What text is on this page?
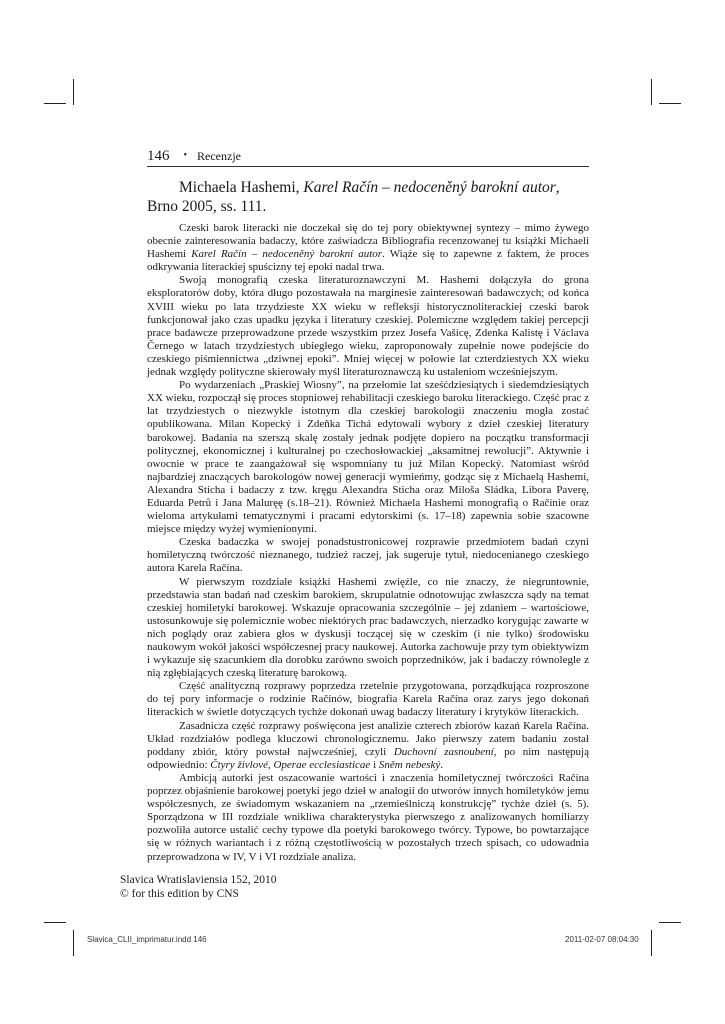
146 • Recenzje
Michaela Hashemi, Karel Račín – nedoceněný barokní autor, Brno 2005, ss. 111.

Czeski barok literacki nie doczekał się do tej pory obiektywnej syntezy – mimo żywego obecnie zainteresowania badaczy, które zaświadcza Bibliografia recenzowanej tu książki Michaeli Hashemi Karel Račín – nedoceněný barokní autor. Wiąże się to zapewne z faktem, że proces odkrywania literackiej spuścizny tej epoki nadal trwa.

Swoją monografią czeska literaturoznawczyni M. Hashemi dołączyła do grona eksploratorów doby, która długo pozostawała na marginesie zainteresowań badawczych; od końca XVIII wieku po lata trzydzieste XX wieku w refleksji historycznoliterackiej czeski barok funkcjonował jako czas upadku języka i literatury czeskiej. Polemiczne względem takiej percepcji prace badawcze przeprowadzone przede wszystkim przez Josefa Vašicę, Zdenka Kalistę i Václava Černego w latach trzydziestych ubiegłego wieku, zaproponowały zupełnie nowe podejście do czeskiego piśmiennictwa „dziwnej epoki”. Mniej więcej w połowie lat czterdziestych XX wieku jednak względy polityczne skierowały myśl literaturoznawczą ku ustaleniom wcześniejszym.

Po wydarzeniach „Praskiej Wiosny”, na przełomie lat sześćdziesiątych i siedemdziesiątych XX wieku, rozpoczął się proces stopniowej rehabilitacji czeskiego baroku literackiego. Część prac z lat trzydziestych o niezwykle istotnym dla czeskiej barokologii znaczeniu mogła zostać opublikowana. Milan Kopecký i Zdeňka Tichá edytowali wybory z dzieł czeskiej literatury barokowej. Badania na szerszą skalę zostały jednak podjęte dopiero na początku transformacji politycznej, ekonomicznej i kulturalnej po czechosłowackiej „aksamitnej rewolucji”. Aktywnie i owocnie w prace te zaangażował się wspomniany tu już Milan Kopecký. Natomiast wśród najbardziej znaczących barokologów nowej generacji wymieńmy, godząc się z Michaelą Hashemi, Alexandra Sticha i badaczy z tzw. kręgu Alexandra Sticha oraz Miloša Sládka, Libora Paverę, Eduarda Petrů i Jana Maluręę (s.18–21). Również Michaela Hashemi monografią o Račínie oraz wieloma artykułami tematycznymi i pracami edytorskimi (s. 17–18) zapewnia sobie szacowne miejsce między wyżej wymienionymi.

Czeska badaczka w swojej ponadstustronicowej rozprawie przedmiotem badań czyni homiletyczną twórczość nieznanego, tudzież raczej, jak sugeruje tytuł, niedocenianego czeskiego autora Karela Račína.

W pierwszym rozdziale książki Hashemi zwięźle, co nie znaczy, że niegruntownie, przedstawia stan badań nad czeskim barokiem, skrupulatnie odnotowując zwłaszcza sądy na temat czeskiej homiletyki barokowej. Wskazuje opracowania szczególnie – jej zdaniem – wartościowe, ustosunkowuje się polemicznie wobec niektórych prac badawczych, nierzadko korygując zawarte w nich poglądy oraz zabiera głos w dyskusji toczącej się w czeskim (i nie tylko) środowisku naukowym wokół jakości współczesnej pracy naukowej. Autorka zachowuje przy tym obiektywizm i wykazuje się szacunkiem dla dorobku zarówno swoich poprzedników, jak i badaczy równolegle z nią zgłębiających czeską literaturę barokową.

Część analityczną rozprawy poprzedza rzetelnie przygotowana, porządkująca rozproszone do tej pory informacje o rodzinie Račínów, biografia Karela Račína oraz zarys jego dokonań literackich w świetle dotyczących tychże dokonań uwag badaczy literatury i krytyków literackich.

Zasadnicza część rozprawy poświęcona jest analizie czterech zbiorów kazań Karela Račína. Układ rozdziałów podlega kluczowi chronologicznemu. Jako pierwszy zatem badaniu został poddany zbiór, który powstał najwcześniej, czyli Duchovní zasnoubení, po nim następują odpowiednio: Čtyry živlové, Operae ecclesiasticae i Sněm nebeský.

Ambicją autorki jest oszacowanie wartości i znaczenia homiletycznej twórczości Račína poprzez objaśnienie barokowej poetyki jego dzieł w analogii do utworów innych homiletyków jemu współczesnych, ze świadomym wskazaniem na „rzemieślniczą konstrukcję” tychże dzieł (s. 5). Sporządzona w III rozdziale wnikliwa charakterystyka pierwszego z analizowanych homiliarzy pozwoliła autorce ustalić cechy typowe dla poetyki barokowego twórcy. Typowe, bo powtarzające się w różnych wariantach i z różną częstotliwością w pozostałych trzech spisach, co udowadnia przeprowadzona w IV, V i VI rozdziale analiza.

Slavica Wratislaviensia 152, 2010
© for this edition by CNS
Slavica_CLII_imprimatur.indd 146	2011-02-07 08:04:30
